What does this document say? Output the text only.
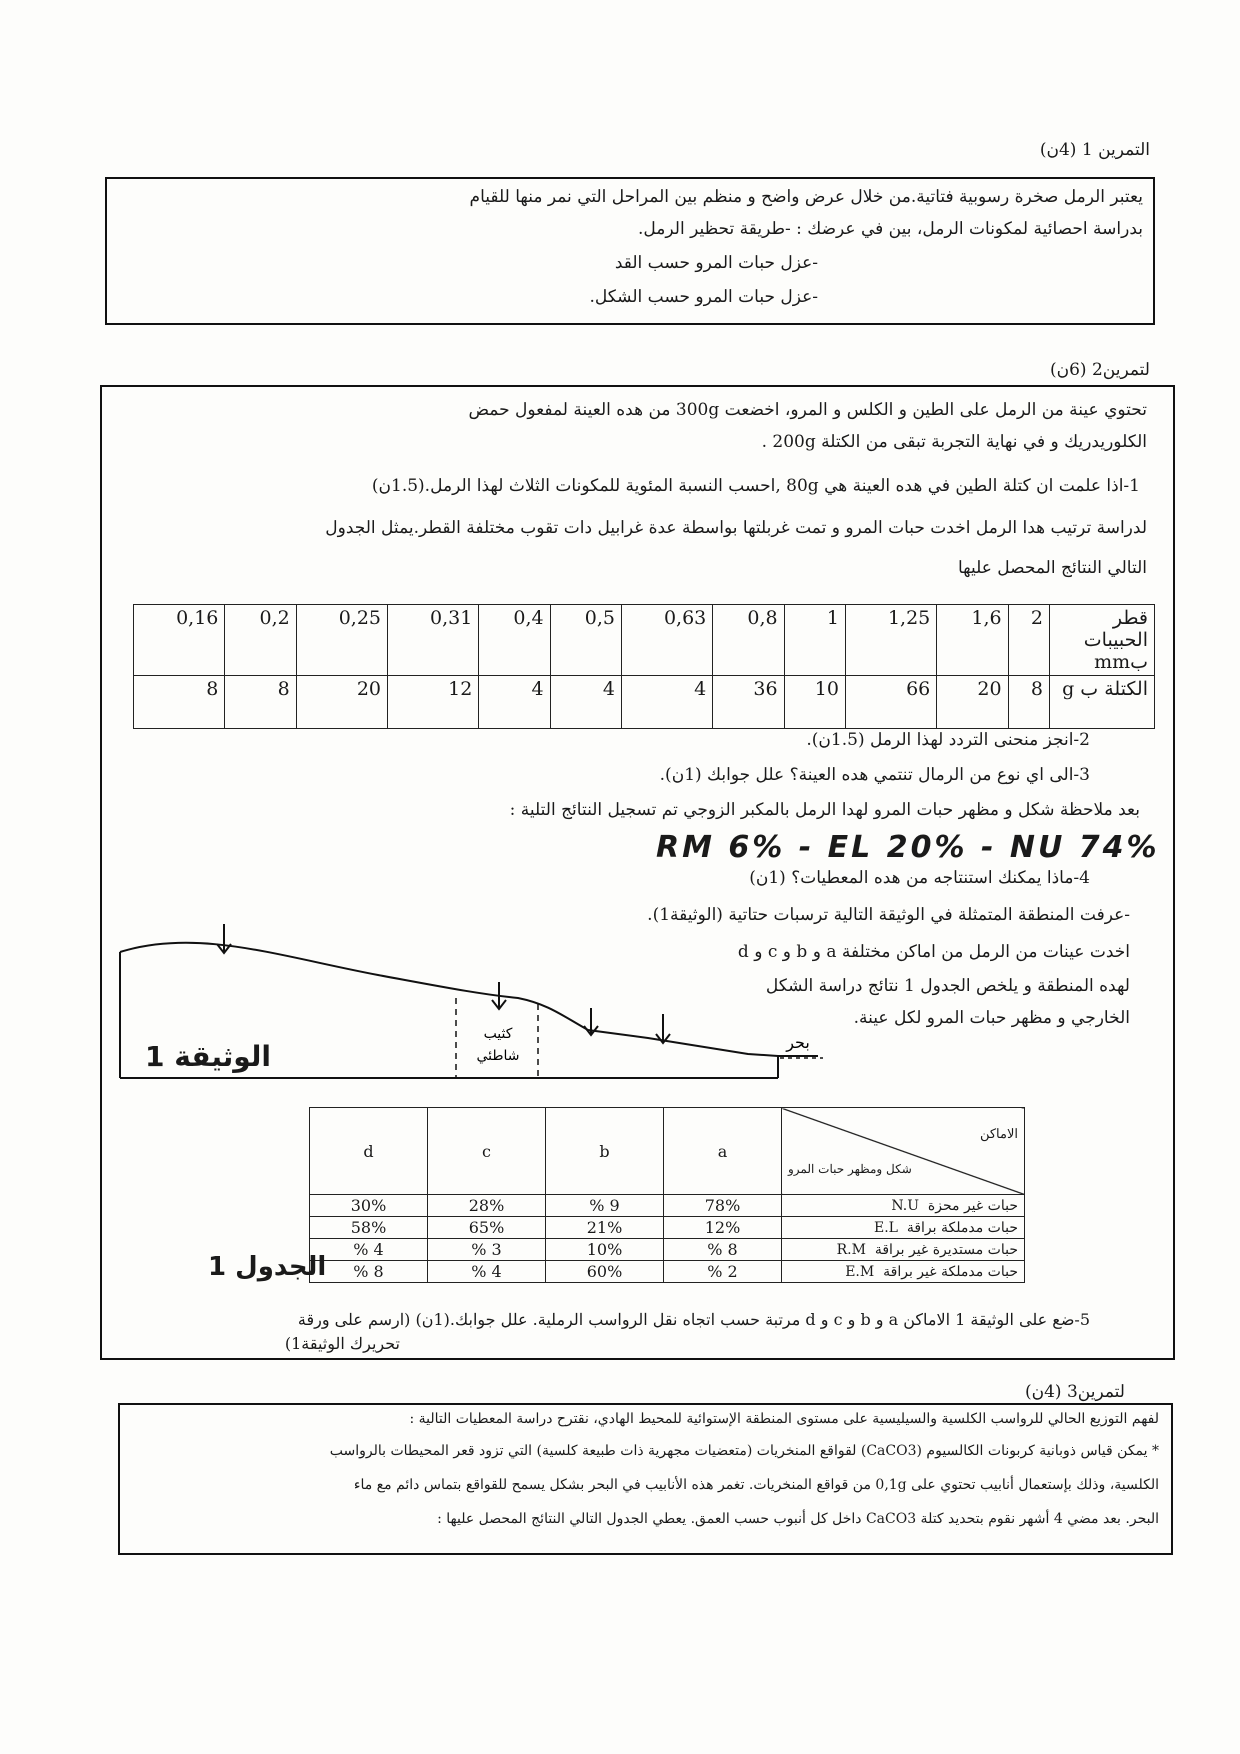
التمرين 1 (4ن)
يعتبر الرمل صخرة رسوبية فتاتية.من خلال عرض واضح و منظم بين المراحل التي نمر منها للقيام
بدراسة احصائية لمكونات الرمل، بين في عرضك : -طريقة تحظير الرمل.
-عزل حبات المرو حسب القد
-عزل حبات المرو حسب الشكل.
لتمرين2 (6ن)
تحتوي عينة من الرمل على الطين و الكلس و المرو، اخضعت 300g من هده العينة لمفعول حمض
الكلوريدريك و في نهاية التجربة تبقى من الكتلة 200g .
1-اذا علمت ان كتلة الطين في هده العينة هي 80g ,احسب النسبة المئوية للمكونات الثلاث لهذا الرمل.(1.5ن)
لدراسة ترتيب هدا الرمل اخدت حبات المرو و تمت غربلتها بواسطة عدة غرابيل دات تقوب مختلفة القطر.يمثل الجدول
التالي النتائج المحصل عليها
قطر الحبيبات بmm	2	1,6	1,25	1	0,8	0,63	0,5	0,4	0,31	0,25	0,2	0,16
الكتلة ب g	8	20	66	10	36	4	4	4	12	20	8	8
2-انجز منحنى التردد لهذا الرمل (1.5ن).
3-الى اي نوع من الرمال تنتمي هده العينة؟ علل جوابك (1ن).
بعد ملاحظة شكل و مظهر حبات المرو لهدا الرمل بالمكبر الزوجي تم تسجيل النتائج التلية :
RM 6% - EL 20% - NU 74%
4-ماذا يمكنك استنتاجه من هده المعطيات؟ (1ن)
-عرفت المنطقة المتمثلة في الوثيقة التالية ترسبات حتاتية (الوثيقة1).
اخدت عينات من الرمل من اماكن مختلفة a و b و c و d
لهده المنطقة و يلخص الجدول 1 نتائج دراسة الشكل
الخارجي و مظهر حبات المرو لكل عينة.
كثيب
شاطئي
بحر
الوثيقة 1
الاماكن
شكل ومظهر حبات المرو	a	b	c	d
حبات غير محزة  N.U	78%	9 %	28%	30%
حبات مدملكة براقة  E.L	12%	21%	65%	58%
حبات مستديرة غير براقة  R.M	8 %	10%	3 %	4 %
حبات مدملكة غير براقة  E.M	2 %	60%	4 %	8 %
الجدول 1
5-ضع على الوثيقة 1 الاماكن a و b و c و d مرتبة حسب اتجاه نقل الرواسب الرملية. علل جوابك.(1ن) (ارسم على ورقة
تحريرك الوثيقة1)
لتمرين3 (4ن)
لفهم التوزيع الحالي للرواسب الكلسية والسيليسية على مستوى المنطقة الإستوائية للمحيط الهادي، نقترح دراسة المعطيات التالية :
* يمكن قياس ذوبانية كربونات الكالسيوم (CaCO3) لقواقع المنخريات (متعضيات مجهرية ذات طبيعة كلسية) التي تزود قعر المحيطات بالرواسب
الكلسية، وذلك بإستعمال أنابيب تحتوي على 0,1g من قواقع المنخريات. تغمر هذه الأنابيب في البحر بشكل يسمح للقواقع بتماس دائم مع ماء
البحر. بعد مضي 4 أشهر نقوم بتحديد كتلة CaCO3 داخل كل أنبوب حسب العمق. يعطي الجدول التالي النتائج المحصل عليها :
